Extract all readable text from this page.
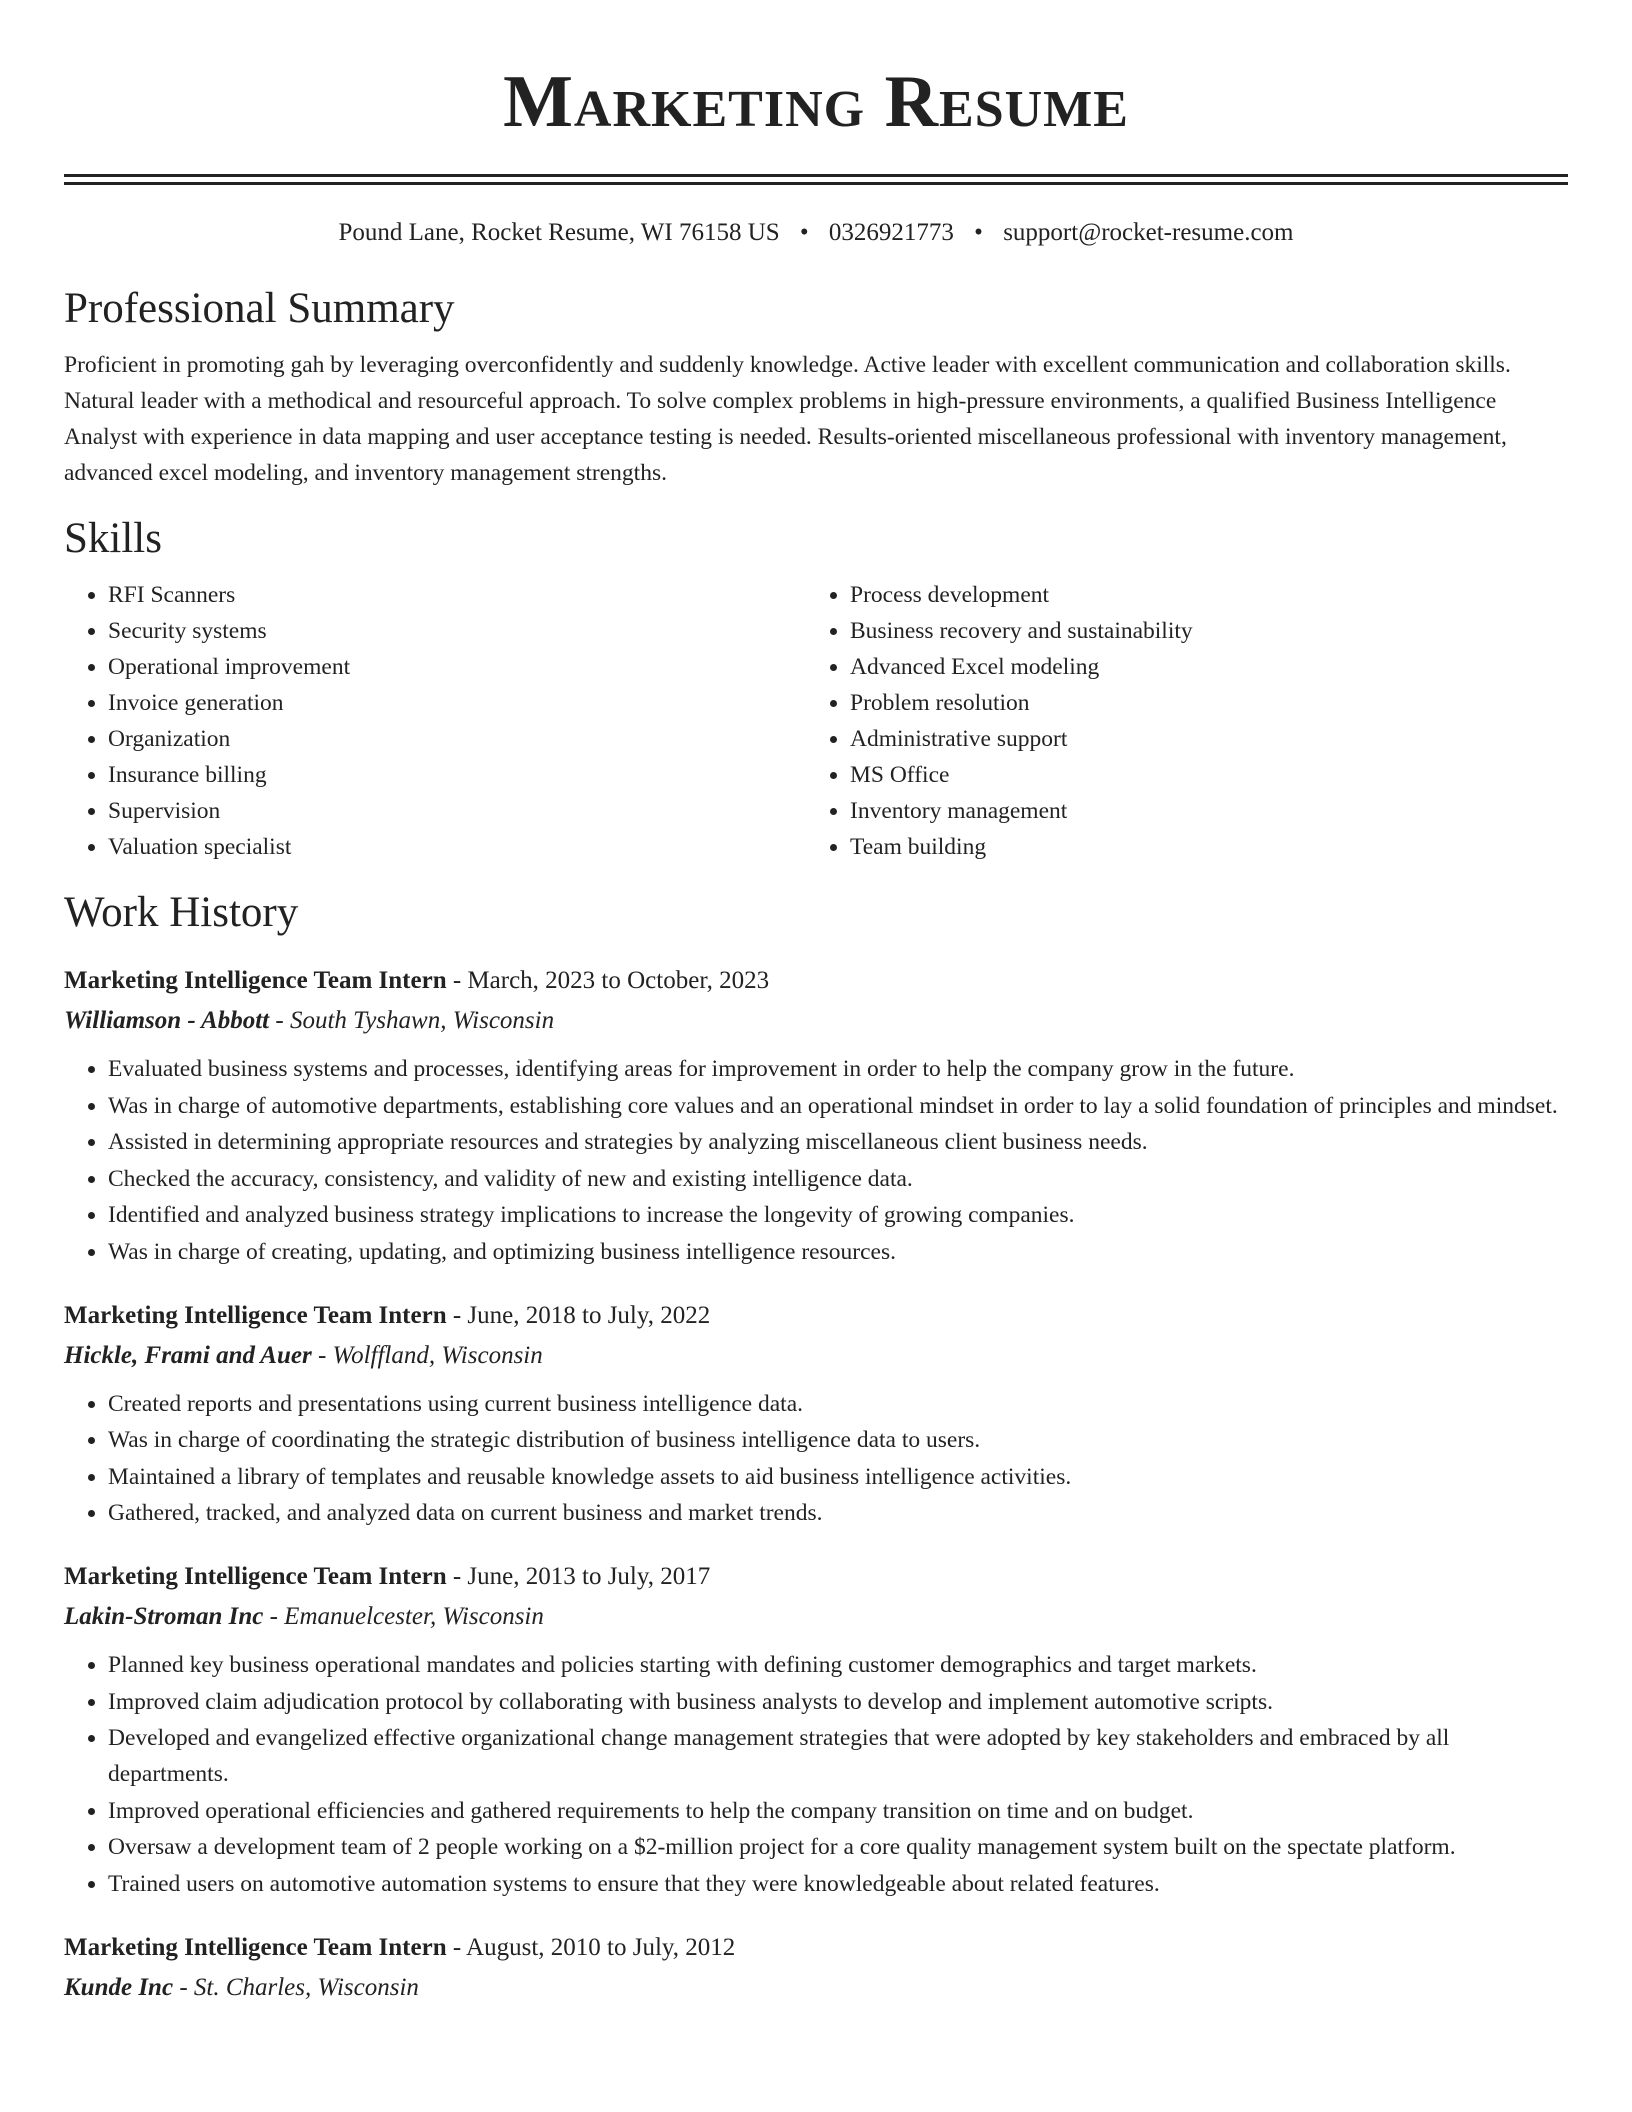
Marketing Resume
Pound Lane, Rocket Resume, WI 76158 US • 0326921773 • support@rocket-resume.com
Professional Summary

Proficient in promoting gah by leveraging overconfidently and suddenly knowledge. Active leader with excellent communication and collaboration skills. Natural leader with a methodical and resourceful approach. To solve complex problems in high-pressure environments, a qualified Business Intelligence Analyst with experience in data mapping and user acceptance testing is needed. Results-oriented miscellaneous professional with inventory management, advanced excel modeling, and inventory management strengths.

Skills
• RFI Scanners
• Security systems
• Operational improvement
• Invoice generation
• Organization
• Insurance billing
• Supervision
• Valuation specialist
• Process development
• Business recovery and sustainability
• Advanced Excel modeling
• Problem resolution
• Administrative support
• MS Office
• Inventory management
• Team building
Work History
Marketing Intelligence Team Intern - March, 2023 to October, 2023
Williamson - Abbott - South Tyshawn, Wisconsin
• Evaluated business systems and processes, identifying areas for improvement in order to help the company grow in the future.
• Was in charge of automotive departments, establishing core values and an operational mindset in order to lay a solid foundation of principles and mindset.
• Assisted in determining appropriate resources and strategies by analyzing miscellaneous client business needs.
• Checked the accuracy, consistency, and validity of new and existing intelligence data.
• Identified and analyzed business strategy implications to increase the longevity of growing companies.
• Was in charge of creating, updating, and optimizing business intelligence resources.
Marketing Intelligence Team Intern - June, 2018 to July, 2022
Hickle, Frami and Auer - Wolffland, Wisconsin
• Created reports and presentations using current business intelligence data.
• Was in charge of coordinating the strategic distribution of business intelligence data to users.
• Maintained a library of templates and reusable knowledge assets to aid business intelligence activities.
• Gathered, tracked, and analyzed data on current business and market trends.
Marketing Intelligence Team Intern - June, 2013 to July, 2017
Lakin-Stroman Inc - Emanuelcester, Wisconsin
• Planned key business operational mandates and policies starting with defining customer demographics and target markets.
• Improved claim adjudication protocol by collaborating with business analysts to develop and implement automotive scripts.
• Developed and evangelized effective organizational change management strategies that were adopted by key stakeholders and embraced by all departments.
• Improved operational efficiencies and gathered requirements to help the company transition on time and on budget.
• Oversaw a development team of 2 people working on a $2-million project for a core quality management system built on the spectate platform.
• Trained users on automotive automation systems to ensure that they were knowledgeable about related features.
Marketing Intelligence Team Intern - August, 2010 to July, 2012
Kunde Inc - St. Charles, Wisconsin
